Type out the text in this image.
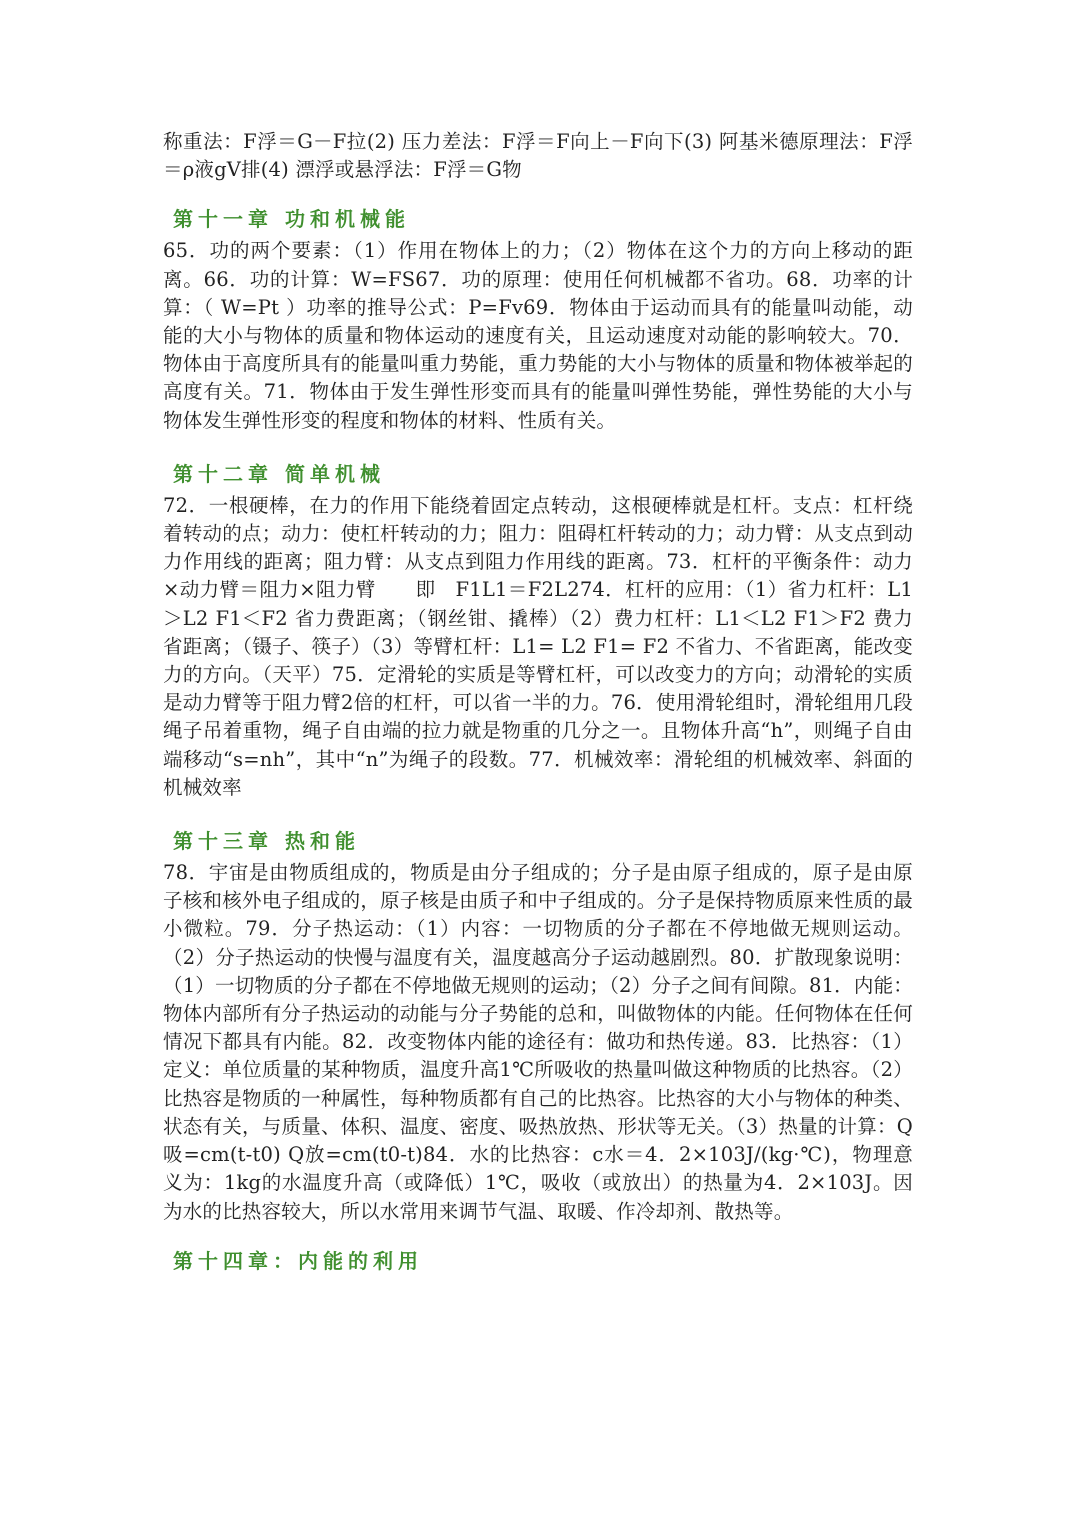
称重法：F浮＝G－F拉(2) 压力差法：F浮＝F向上－F向下(3) 阿基米德原理法：F浮＝ρ液gV排(4) 漂浮或悬浮法：F浮＝G物

第十一章 功和机械能

65．功的两个要素：（1）作用在物体上的力；（2）物体在这个力的方向上移动的距离。66．功的计算：W=FS67．功的原理：使用任何机械都不省功。68．功率的计算：（ W=Pt ）功率的推导公式：P=Fv69．物体由于运动而具有的能量叫动能，动能的大小与物体的质量和物体运动的速度有关，且运动速度对动能的影响较大。70．物体由于高度所具有的能量叫重力势能，重力势能的大小与物体的质量和物体被举起的高度有关。71．物体由于发生弹性形变而具有的能量叫弹性势能，弹性势能的大小与物体发生弹性形变的程度和物体的材料、性质有关。

第十二章 简单机械

72．一根硬棒，在力的作用下能绕着固定点转动，这根硬棒就是杠杆。支点：杠杆绕着转动的点；动力：使杠杆转动的力；阻力：阻碍杠杆转动的力；动力臂：从支点到动力作用线的距离；阻力臂：从支点到阻力作用线的距离。73．杠杆的平衡条件：动力×动力臂＝阻力×阻力臂　　即　F1L1＝F2L274．杠杆的应用：（1）省力杠杆：L1＞L2 F1＜F2 省力费距离；（钢丝钳、撬棒）（2）费力杠杆：L1＜L2 F1＞F2 费力省距离；（镊子、筷子）（3）等臂杠杆：L1= L2 F1= F2 不省力、不省距离，能改变力的方向。（天平）75．定滑轮的实质是等臂杠杆，可以改变力的方向；动滑轮的实质是动力臂等于阻力臂2倍的杠杆，可以省一半的力。76．使用滑轮组时，滑轮组用几段绳子吊着重物，绳子自由端的拉力就是物重的几分之一。且物体升高“h”，则绳子自由端移动“s=nh”，其中“n”为绳子的段数。77．机械效率：滑轮组的机械效率、斜面的机械效率

第十三章 热和能

78．宇宙是由物质组成的，物质是由分子组成的；分子是由原子组成的，原子是由原子核和核外电子组成的，原子核是由质子和中子组成的。分子是保持物质原来性质的最小微粒。79．分子热运动：（1）内容：一切物质的分子都在不停地做无规则运动。（2）分子热运动的快慢与温度有关，温度越高分子运动越剧烈。80．扩散现象说明：（1）一切物质的分子都在不停地做无规则的运动；（2）分子之间有间隙。81．内能：物体内部所有分子热运动的动能与分子势能的总和，叫做物体的内能。任何物体在任何情况下都具有内能。82．改变物体内能的途径有：做功和热传递。83．比热容：（1）定义：单位质量的某种物质，温度升高1℃所吸收的热量叫做这种物质的比热容。（2）比热容是物质的一种属性，每种物质都有自己的比热容。比热容的大小与物体的种类、状态有关，与质量、体积、温度、密度、吸热放热、形状等无关。（3）热量的计算：Q吸=cm(t-t0) Q放=cm(t0-t)84．水的比热容：c水＝4．2×103J/(kg·℃)，物理意义为：1kg的水温度升高（或降低）1℃，吸收（或放出）的热量为4．2×103J。因为水的比热容较大，所以水常用来调节气温、取暖、作冷却剂、散热等。

第十四章：内能的利用
